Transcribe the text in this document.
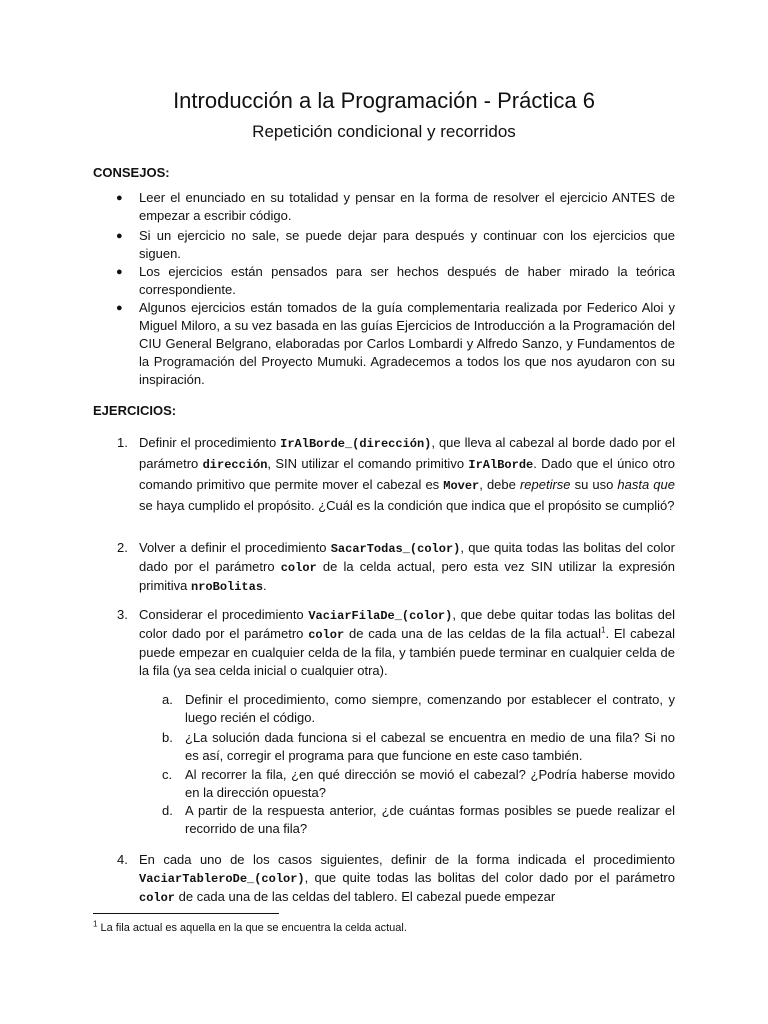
Introducción a la Programación - Práctica 6
Repetición condicional y recorridos
CONSEJOS:
● Leer el enunciado en su totalidad y pensar en la forma de resolver el ejercicio ANTES de empezar a escribir código.
● Si un ejercicio no sale, se puede dejar para después y continuar con los ejercicios que siguen.
● Los ejercicios están pensados para ser hechos después de haber mirado la teórica correspondiente.
● Algunos ejercicios están tomados de la guía complementaria realizada por Federico Aloi y Miguel Miloro, a su vez basada en las guías Ejercicios de Introducción a la Programación del CIU General Belgrano, elaboradas por Carlos Lombardi y Alfredo Sanzo, y Fundamentos de la Programación del Proyecto Mumuki. Agradecemos a todos los que nos ayudaron con su inspiración.
EJERCICIOS:
1. Definir el procedimiento IrAlBorde_(dirección), que lleva al cabezal al borde dado por el parámetro dirección, SIN utilizar el comando primitivo IrAlBorde. Dado que el único otro comando primitivo que permite mover el cabezal es Mover, debe repetirse su uso hasta que se haya cumplido el propósito. ¿Cuál es la condición que indica que el propósito se cumplió?
2. Volver a definir el procedimiento SacarTodas_(color), que quita todas las bolitas del color dado por el parámetro color de la celda actual, pero esta vez SIN utilizar la expresión primitiva nroBolitas.
3. Considerar el procedimiento VaciarFilaDe_(color), que debe quitar todas las bolitas del color dado por el parámetro color de cada una de las celdas de la fila actual$^1$. El cabezal puede empezar en cualquier celda de la fila, y también puede terminar en cualquier celda de la fila (ya sea celda inicial o cualquier otra).
a. Definir el procedimiento, como siempre, comenzando por establecer el contrato, y luego recién el código.
b. ¿La solución dada funciona si el cabezal se encuentra en medio de una fila? Si no es así, corregir el programa para que funcione en este caso también.
c. Al recorrer la fila, ¿en qué dirección se movió el cabezal? ¿Podría haberse movido en la dirección opuesta?
d. A partir de la respuesta anterior, ¿de cuántas formas posibles se puede realizar el recorrido de una fila?
4. En cada uno de los casos siguientes, definir de la forma indicada el procedimiento VaciarTableroDe_(color), que quite todas las bolitas del color dado por el parámetro color de cada una de las celdas del tablero. El cabezal puede empezar
$^1$ La fila actual es aquella en la que se encuentra la celda actual.
